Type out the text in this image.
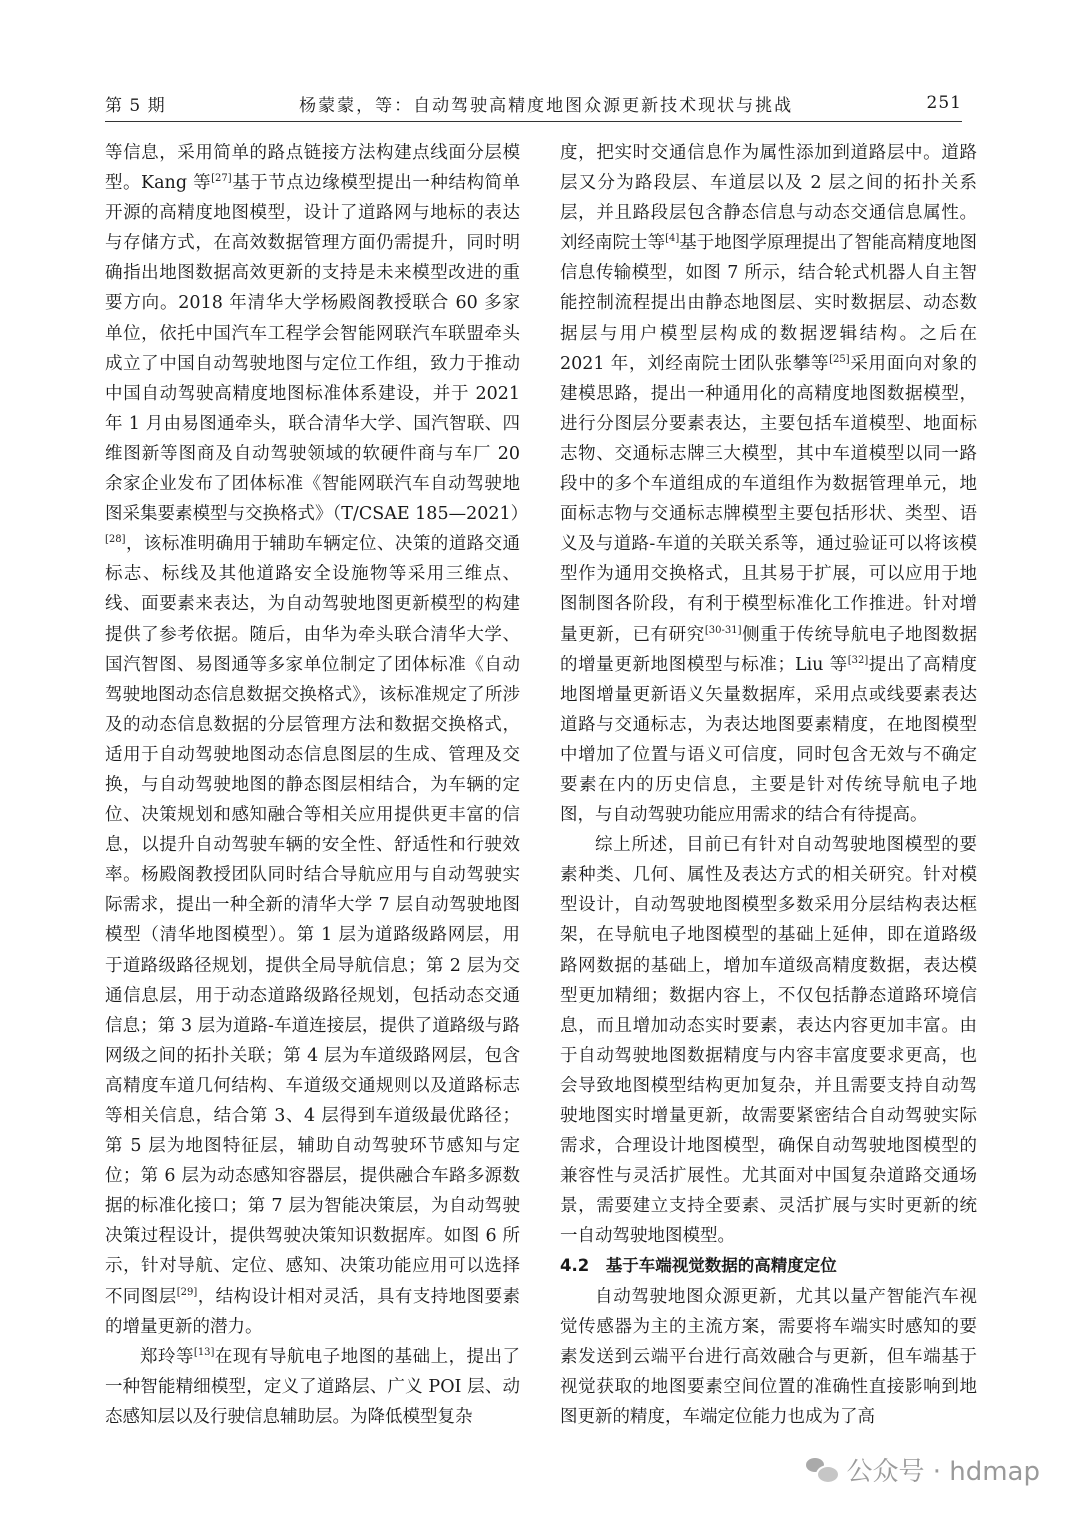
第 5 期	杨蒙蒙，等：自动驾驶高精度地图众源更新技术现状与挑战	251

等信息，采用简单的路点链接方法构建点线面分层模型。Kang 等[27]基于节点边缘模型提出一种结构简单开源的高精度地图模型，设计了道路网与地标的表达与存储方式，在高效数据管理方面仍需提升，同时明确指出地图数据高效更新的支持是未来模型改进的重要方向。2018 年清华大学杨殿阁教授联合 60 多家单位，依托中国汽车工程学会智能网联汽车联盟牵头成立了中国自动驾驶地图与定位工作组，致力于推动中国自动驾驶高精度地图标准体系建设，并于 2021 年 1 月由易图通牵头，联合清华大学、国汽智联、四维图新等图商及自动驾驶领域的软硬件商与车厂 20 余家企业发布了团体标准《智能网联汽车自动驾驶地图采集要素模型与交换格式》（T/CSAE 185—2021）[28]，该标准明确用于辅助车辆定位、决策的道路交通标志、标线及其他道路安全设施物等采用三维点、线、面要素来表达，为自动驾驶地图更新模型的构建提供了参考依据。随后，由华为牵头联合清华大学、国汽智图、易图通等多家单位制定了团体标准《自动驾驶地图动态信息数据交换格式》，该标准规定了所涉及的动态信息数据的分层管理方法和数据交换格式，适用于自动驾驶地图动态信息图层的生成、管理及交换，与自动驾驶地图的静态图层相结合，为车辆的定位、决策规划和感知融合等相关应用提供更丰富的信息，以提升自动驾驶车辆的安全性、舒适性和行驶效率。杨殿阁教授团队同时结合导航应用与自动驾驶实际需求，提出一种全新的清华大学 7 层自动驾驶地图模型（清华地图模型）。第 1 层为道路级路网层，用于道路级路径规划，提供全局导航信息；第 2 层为交通信息层，用于动态道路级路径规划，包括动态交通信息；第 3 层为道路-车道连接层，提供了道路级与路网级之间的拓扑关联；第 4 层为车道级路网层，包含高精度车道几何结构、车道级交通规则以及道路标志等相关信息，结合第 3、4 层得到车道级最优路径；第 5 层为地图特征层，辅助自动驾驶环节感知与定位；第 6 层为动态感知容器层，提供融合车路多源数据的标准化接口；第 7 层为智能决策层，为自动驾驶决策过程设计，提供驾驶决策知识数据库。如图 6 所示，针对导航、定位、感知、决策功能应用可以选择不同图层[29]，结构设计相对灵活，具有支持地图要素的增量更新的潜力。

郑玲等[13]在现有导航电子地图的基础上，提出了一种智能精细模型，定义了道路层、广义 POI 层、动态感知层以及行驶信息辅助层。为降低模型复杂

度，把实时交通信息作为属性添加到道路层中。道路层又分为路段层、车道层以及 2 层之间的拓扑关系层，并且路段层包含静态信息与动态交通信息属性。刘经南院士等[4]基于地图学原理提出了智能高精度地图信息传输模型，如图 7 所示，结合轮式机器人自主智能控制流程提出由静态地图层、实时数据层、动态数据层与用户模型层构成的数据逻辑结构。之后在 2021 年，刘经南院士团队张攀等[25]采用面向对象的建模思路，提出一种通用化的高精度地图数据模型，进行分图层分要素表达，主要包括车道模型、地面标志物、交通标志牌三大模型，其中车道模型以同一路段中的多个车道组成的车道组作为数据管理单元，地面标志物与交通标志牌模型主要包括形状、类型、语义及与道路-车道的关联关系等，通过验证可以将该模型作为通用交换格式，且其易于扩展，可以应用于地图制图各阶段，有利于模型标准化工作推进。针对增量更新，已有研究[30-31]侧重于传统导航电子地图数据的增量更新地图模型与标准；Liu 等[32]提出了高精度地图增量更新语义矢量数据库，采用点或线要素表达道路与交通标志，为表达地图要素精度，在地图模型中增加了位置与语义可信度，同时包含无效与不确定要素在内的历史信息，主要是针对传统导航电子地图，与自动驾驶功能应用需求的结合有待提高。

综上所述，目前已有针对自动驾驶地图模型的要素种类、几何、属性及表达方式的相关研究。针对模型设计，自动驾驶地图模型多数采用分层结构表达框架，在导航电子地图模型的基础上延伸，即在道路级路网数据的基础上，增加车道级高精度数据，表达模型更加精细；数据内容上，不仅包括静态道路环境信息，而且增加动态实时要素，表达内容更加丰富。由于自动驾驶地图数据精度与内容丰富度要求更高，也会导致地图模型结构更加复杂，并且需要支持自动驾驶地图实时增量更新，故需要紧密结合自动驾驶实际需求，合理设计地图模型，确保自动驾驶地图模型的兼容性与灵活扩展性。尤其面对中国复杂道路交通场景，需要建立支持全要素、灵活扩展与实时更新的统一自动驾驶地图模型。

4.2　基于车端视觉数据的高精度定位

自动驾驶地图众源更新，尤其以量产智能汽车视觉传感器为主的主流方案，需要将车端实时感知的要素发送到云端平台进行高效融合与更新，但车端基于视觉获取的地图要素空间位置的准确性直接影响到地图更新的精度，车端定位能力也成为了高

公众号 · hdmap
